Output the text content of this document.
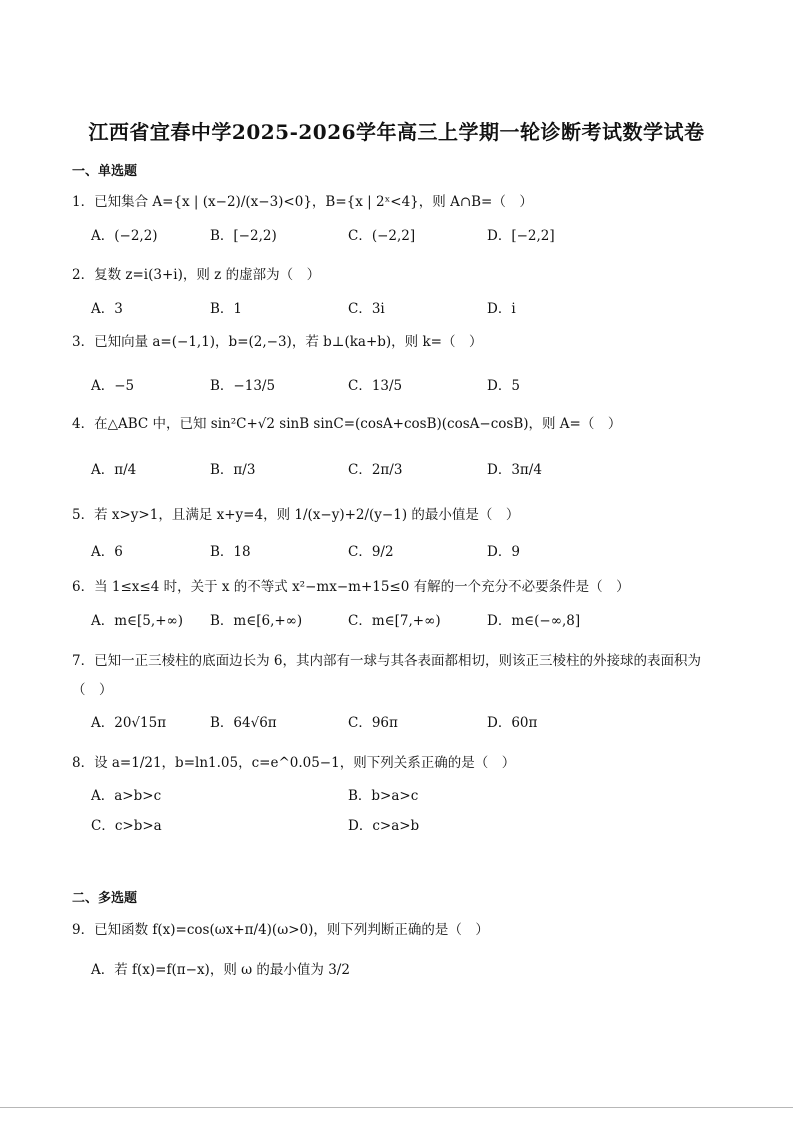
江西省宜春中学2025-2026学年高三上学期一轮诊断考试数学试卷
一、单选题
1．已知集合 A={x | (x−2)/(x−3)<0}，B={x | 2ˣ<4}，则 A∩B=（　）
A．(−2,2)	B．[−2,2)	C．(−2,2]	D．[−2,2]
2．复数 z=i(3+i)，则 z 的虚部为（　）
A．3	B．1	C．3i	D．i
3．已知向量 a=(−1,1)，b=(2,−3)，若 b⊥(ka+b)，则 k=（　）
A．−5	B．−13/5	C．13/5	D．5
4．在△ABC 中，已知 sin²C+√2 sinB sinC=(cosA+cosB)(cosA−cosB)，则 A=（　）
A．π/4	B．π/3	C．2π/3	D．3π/4
5．若 x>y>1，且满足 x+y=4，则 1/(x−y)+2/(y−1) 的最小值是（　）
A．6	B．18	C．9/2	D．9
6．当 1≤x≤4 时，关于 x 的不等式 x²−mx−m+15≤0 有解的一个充分不必要条件是（　）
A．m∈[5,+∞) B．m∈[6,+∞)	C．m∈[7,+∞)	D．m∈(−∞,8]
7．已知一正三棱柱的底面边长为 6，其内部有一球与其各表面都相切，则该正三棱柱的外接球的表面积为
（　）
A．20√15π	B．64√6π	C．96π	D．60π
8．设 a=1/21，b=ln1.05，c=e^0.05−1，则下列关系正确的是（　）
A．a>b>c	B．b>a>c
C．c>b>a	D．c>a>b
二、多选题
9．已知函数 f(x)=cos(ωx+π/4)(ω>0)，则下列判断正确的是（　）
A．若 f(x)=f(π−x)，则 ω 的最小值为 3/2
